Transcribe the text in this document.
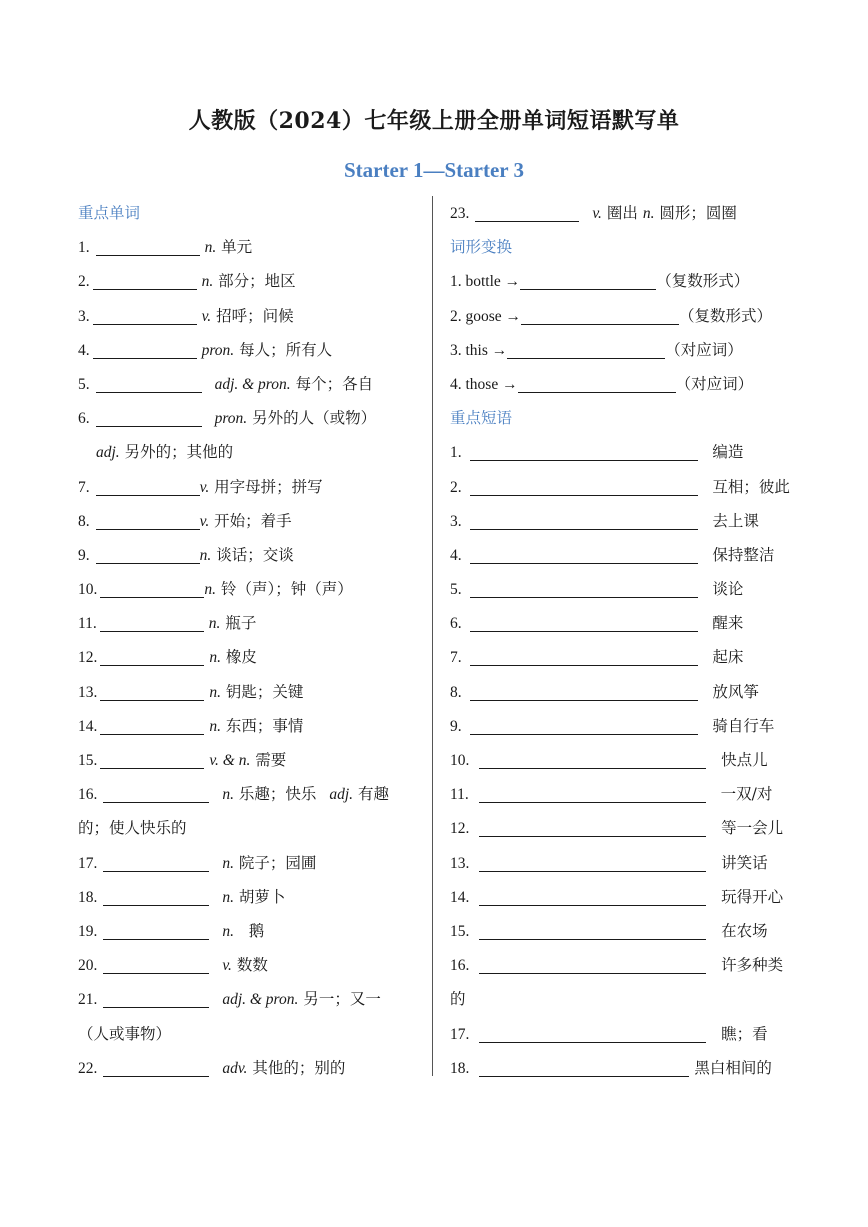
人教版（2024）七年级上册全册单词短语默写单
Starter 1—Starter 3
重点单词
1.	n. 单元
2.	n. 部分；地区
3.	v. 招呼；问候
4.	pron. 每人；所有人
5.	adj. & pron. 每个；各自
6.	pron. 另外的人（或物）
adj. 另外的；其他的
7.	v. 用字母拼；拼写
8.	v. 开始；着手
9.	n. 谈话；交谈
10.	n. 铃（声）；钟（声）
11.	n. 瓶子
12.	n. 橡皮
13.	n. 钥匙；关键
14.	n. 东西；事情
15.	v. & n. 需要
16.	n. 乐趣；快乐 adj. 有趣
的；使人快乐的
17.	n. 院子；园圃
18.	n. 胡萝卜
19.	n. 鹅
20.	v. 数数
21.	adj. & pron. 另一；又一
（人或事物）
22.	adv. 其他的；别的
23.	v. 圈出 n. 圆形；圆圈
词形变换
1. bottle →	（复数形式）
2. goose →	（复数形式）
3. this →	（对应词）
4. those →	（对应词）
重点短语
1.	编造
2.	互相；彼此
3.	去上课
4.	保持整洁
5.	谈论
6.	醒来
7.	起床
8.	放风筝
9.	骑自行车
10.	快点儿
11.	一双/对
12.	等一会儿
13.	讲笑话
14.	玩得开心
15.	在农场
16.	许多种类
的
17.	瞧；看
18.	黑白相间的
